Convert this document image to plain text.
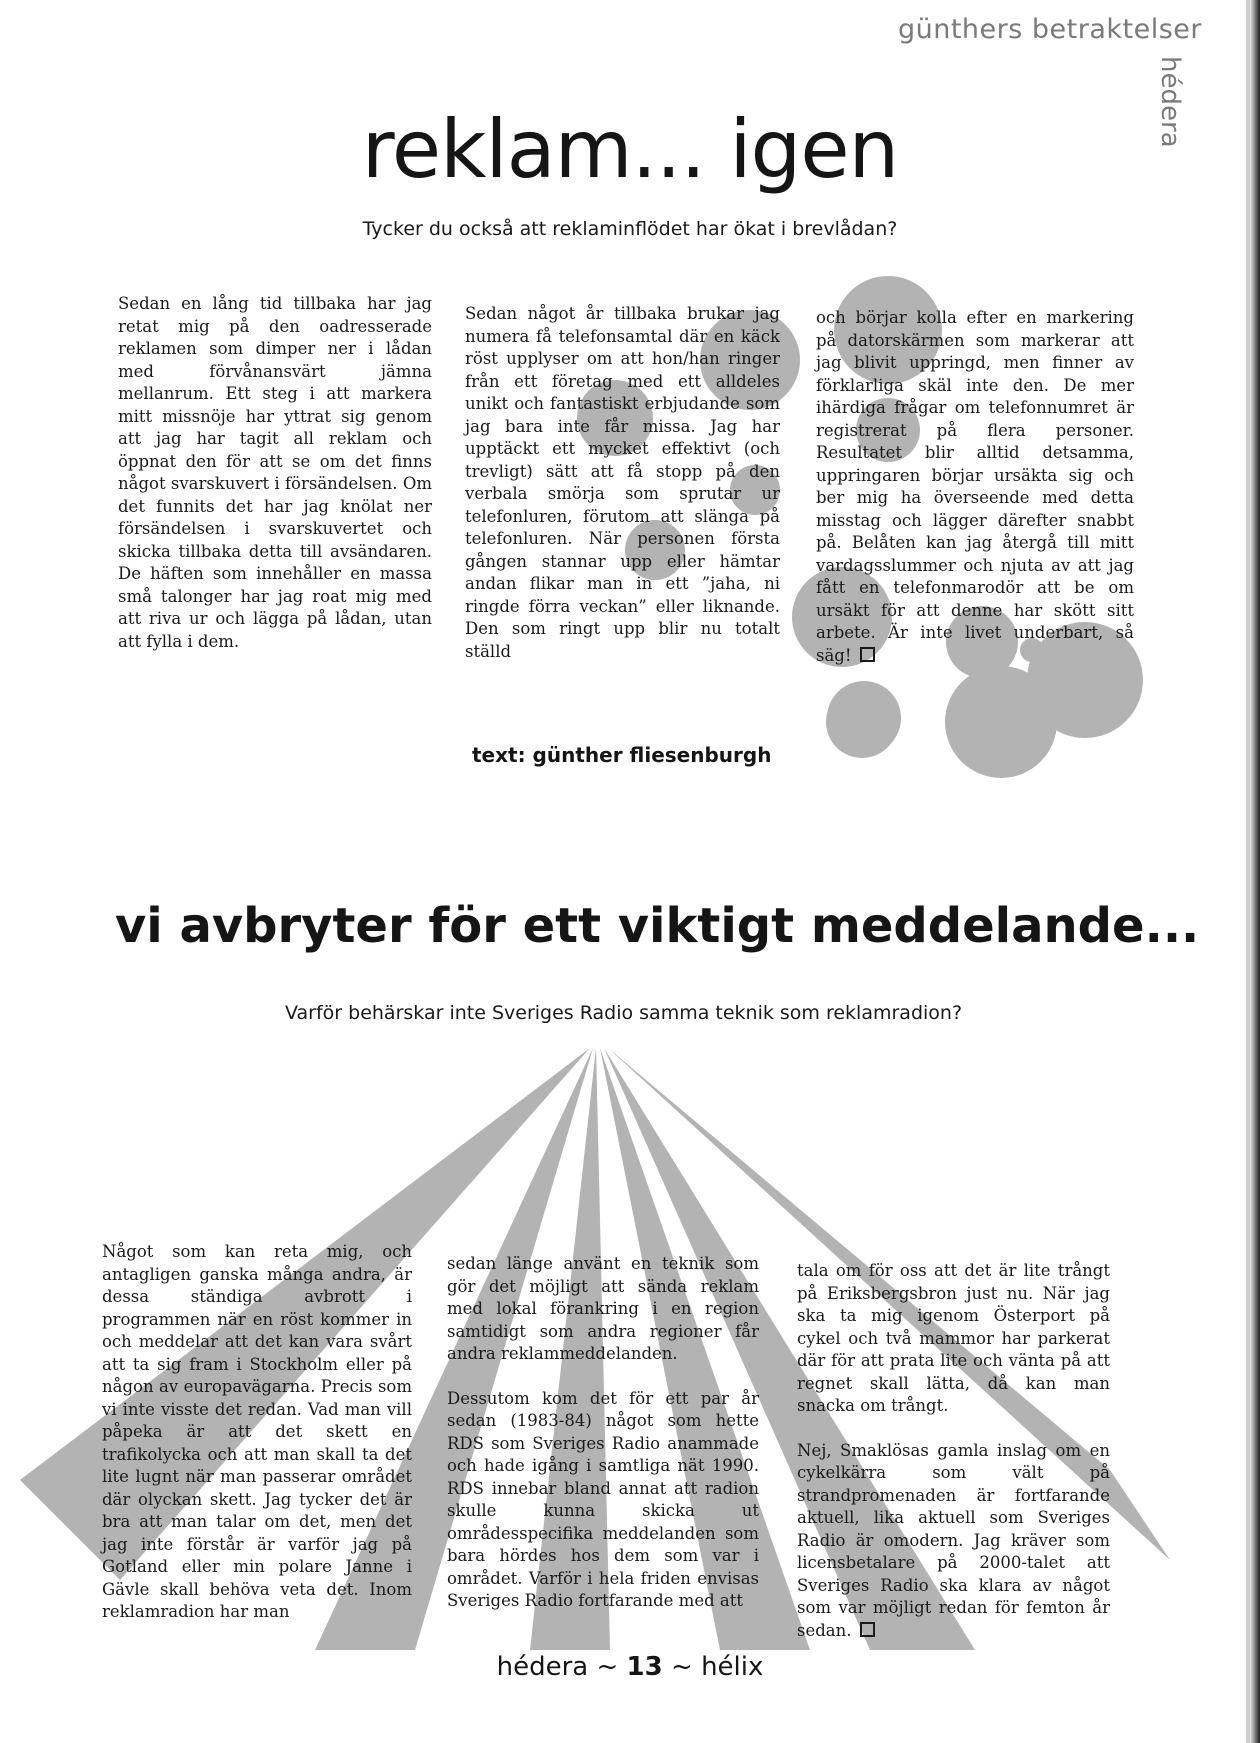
günthers betraktelser
hédera
reklam... igen
Tycker du också att reklaminflödet har ökat i brevlådan?
Sedan en lång tid tillbaka har jag retat mig på den oadresserade reklamen som dimper ner i lådan med förvånansvärt jämna mellanrum. Ett steg i att markera mitt missnöje har yttrat sig genom att jag har tagit all reklam och öppnat den för att se om det finns något svarskuvert i försändelsen. Om det funnits det har jag knölat ner försändelsen i svarskuvertet och skicka tillbaka detta till avsändaren. De häften som innehåller en massa små talonger har jag roat mig med att riva ur och lägga på lådan, utan att fylla i dem.
Sedan något år tillbaka brukar jag numera få telefonsamtal där en käck röst upplyser om att hon/han ringer från ett företag med ett alldeles unikt och fantastiskt erbjudande som jag bara inte får missa. Jag har upptäckt ett mycket effektivt (och trevligt) sätt att få stopp på den verbala smörja som sprutar ur telefonluren, förutom att slänga på telefonluren. När personen första gången stannar upp eller hämtar andan flikar man in ett ”jaha, ni ringde förra veckan” eller liknande. Den som ringt upp blir nu totalt ställd
och börjar kolla efter en markering på datorskärmen som markerar att jag blivit uppringd, men finner av förklarliga skäl inte den. De mer ihärdiga frågar om telefonnumret är registrerat på flera personer. Resultatet blir alltid detsamma, uppringaren börjar ursäkta sig och ber mig ha överseende med detta misstag och lägger därefter snabbt på. Belåten kan jag återgå till mitt vardagsslummer och njuta av att jag fått en telefonmarodör att be om ursäkt för att denne har skött sitt arbete. Är inte livet underbart, så säg!
text: günther fliesenburgh
vi avbryter för ett viktigt meddelande...
Varför behärskar inte Sveriges Radio samma teknik som reklamradion?
Något som kan reta mig, och antagligen ganska många andra, är dessa ständiga avbrott i programmen när en röst kommer in och meddelar att det kan vara svårt att ta sig fram i Stockholm eller på någon av europavägarna. Precis som vi inte visste det redan. Vad man vill påpeka är att det skett en trafikolycka och att man skall ta det lite lugnt när man passerar området där olyckan skett. Jag tycker det är bra att man talar om det, men det jag inte förstår är varför jag på Gotland eller min polare Janne i Gävle skall behöva veta det. Inom reklamradion har man
sedan länge använt en teknik som gör det möjligt att sända reklam med lokal förankring i en region samtidigt som andra regioner får andra reklammeddelanden.
Dessutom kom det för ett par år sedan (1983-84) något som hette RDS som Sveriges Radio anammade och hade igång i samtliga nät 1990. RDS innebar bland annat att radion skulle kunna skicka ut områdesspecifika meddelanden som bara hördes hos dem som var i området. Varför i hela friden envisas Sveriges Radio fortfarande med att
tala om för oss att det är lite trångt på Eriksbergsbron just nu. När jag ska ta mig igenom Österport på cykel och två mammor har parkerat där för att prata lite och vänta på att regnet skall lätta, då kan man snacka om trångt.
Nej, Smaklösas gamla inslag om en cykelkärra som vält på strandpromenaden är fortfarande aktuell, lika aktuell som Sveriges Radio är omodern. Jag kräver som licensbetalare på 2000-talet att Sveriges Radio ska klara av något som var möjligt redan för femton år sedan.
hédera ~ 13 ~ hélix
